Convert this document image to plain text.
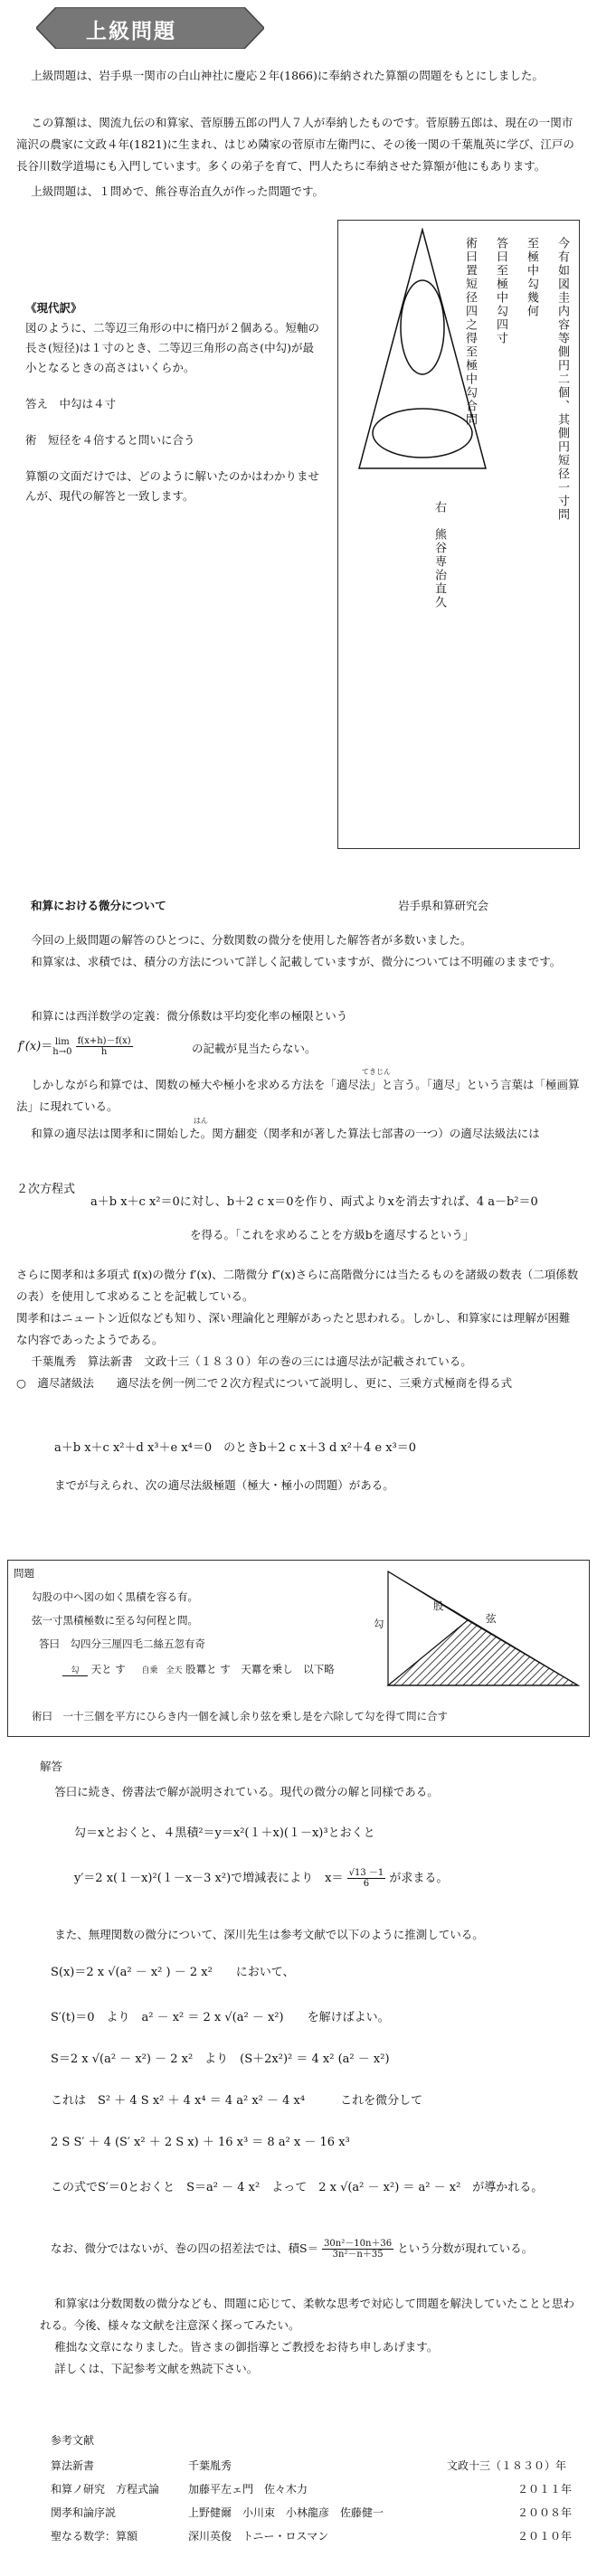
上級問題
上級問題は、岩手県一関市の白山神社に慶応２年(1866)に奉納された算額の問題をもとにしました。
この算額は、関流九伝の和算家、菅原勝五郎の門人７人が奉納したものです。菅原勝五郎は、現在の一関市滝沢の農家に文政４年(1821)に生まれ、はじめ隣家の菅原市左衛門に、その後一関の千葉胤英に学び、江戸の長谷川数学道場にも入門しています。多くの弟子を育て、門人たちに奉納させた算額が他にもあります。
上級問題は、１問めで、熊谷専治直久が作った問題です。
《現代訳》
図のように、二等辺三角形の中に楕円が２個ある。短軸の長さ(短径)は１寸のとき、二等辺三角形の高さ(中勾)が最小となるときの高さはいくらか。
答え　中勾は４寸
術　短径を４倍すると問いに合う
算額の文面だけでは、どのように解いたのかはわかりませんが、現代の解答と一致します。	今有如図圭内容等側円二個、其側円短径一寸問
至極中勾幾何
答曰至極中勾四寸
術曰置短径四之得至極中勾合問
右　熊谷専治直久
和算における微分について	岩手県和算研究会
今回の上級問題の解答のひとつに、分数関数の微分を使用した解答者が多数いました。
和算家は、求積では、積分の方法について詳しく記載していますが、微分については不明確のままです。
和算には西洋数学の定義：微分係数は平均変化率の極限という
f′(x)＝ lim
$h\to 0 \frac{f(x+h)-f(x)}{h}$	の記載が見当たらない。
てきじん
しかしながら和算では、関数の極大や極小を求める方法を「適尽法」と言う。「適尽」という言葉は「極画算法」に現れている。
はん
和算の適尽法は関孝和に開始した。関方翻変（関孝和が著した算法七部書の一つ）の適尽法級法には
２次方程式
a＋b x＋c x²＝0に対し、b＋2 c x＝0を作り、両式よりxを消去すれば、4 a－b²＝0
を得る。「これを求めることを方級bを適尽するという」
さらに関孝和は多項式 f(x)の微分 f′(x)、二階微分 f″(x)さらに高階微分には当たるものを諸級の数表（二項係数の表）を使用して求めることを記載している。
関孝和はニュートン近似なども知り、深い理論化と理解があったと思われる。しかし、和算家には理解が困難な内容であったようである。
千葉胤秀　算法新書　文政十三（１８３０）年の巻の三には適尽法が記載されている。
○　適尽諸級法　　適尽法を例一例二で２次方程式について説明し、更に、三乗方式極商を得る式
a＋b x＋c x²＋d x³＋e x⁴＝0　のときb＋2 c x＋3 d x²＋4 e x³＝0
までが与えられ、次の適尽法級極題（極大・極小の問題）がある。
問題
勾股の中へ図の如く黒積を容る有。
弦一寸黒積極数に至る勾何程と問。
答曰　勾四分三厘四毛二絲五忽有奇
勾 天と す 自乗　全天 股羃と す　天羃を乗し　以下略
術曰　一十三個を平方にひらき内一個を減し余り弦を乗し是を六除して勾を得て問に合す
勾
股
弦
解答
答曰に続き、傍書法で解が説明されている。現代の微分の解と同様である。
勾＝xとおくと、４黒積²＝y＝x²(１＋x)(１－x)³とおくと
y′＝2 x(１－x)²(１－x－3 x²)で増減表により　$x= \frac{√13 -1}{6}$ が求まる。
また、無理関数の微分について、深川先生は参考文献で以下のように推測している。
S(x)＝2 x √(a² － x² ) － 2 x²　　において、
S′(t)＝0　より　a² － x² ＝ 2 x √(a² － x²)　　を解けばよい。
S＝2 x √(a² － x²) － 2 x²　より　(S＋2x²)² ＝ 4 x² (a² － x²)
これは　S² ＋ 4 S x² ＋ 4 x⁴ ＝ 4 a² x² － 4 x⁴　　　これを微分して
2 S S′ ＋ 4 (S′ x² ＋ 2 S x) ＋ 16 x³ ＝ 8 a² x － 16 x³
この式でS′＝0とおくと　S＝a² － 4 x²　よって　2 x √(a² － x²) ＝ a² － x²　が導かれる。
なお、微分ではないが、巻の四の招差法では、積$S= \frac{\text{30n²－10n＋36}}{\text{3n²－n＋35}}$ という分数が現れている。
和算家は分数関数の微分なども、問題に応じて、柔軟な思考で対応して問題を解決していたことと思われる。今後、様々な文献を注意深く探ってみたい。
稚拙な文章になりました。皆さまの御指導とご教授をお待ち申しあげます。
詳しくは、下記参考文献を熟読下さい。
参考文献
算法新書	千葉胤秀	文政十三（１８３０）年
和算ノ研究　方程式論	加藤平左ェ門　佐々木力	２０１１年
関孝和論序説	上野健爾　小川束　小林龍彦　佐藤健一	２００８年
聖なる数学：算額	深川英俊　トニー・ロスマン	２０１０年
